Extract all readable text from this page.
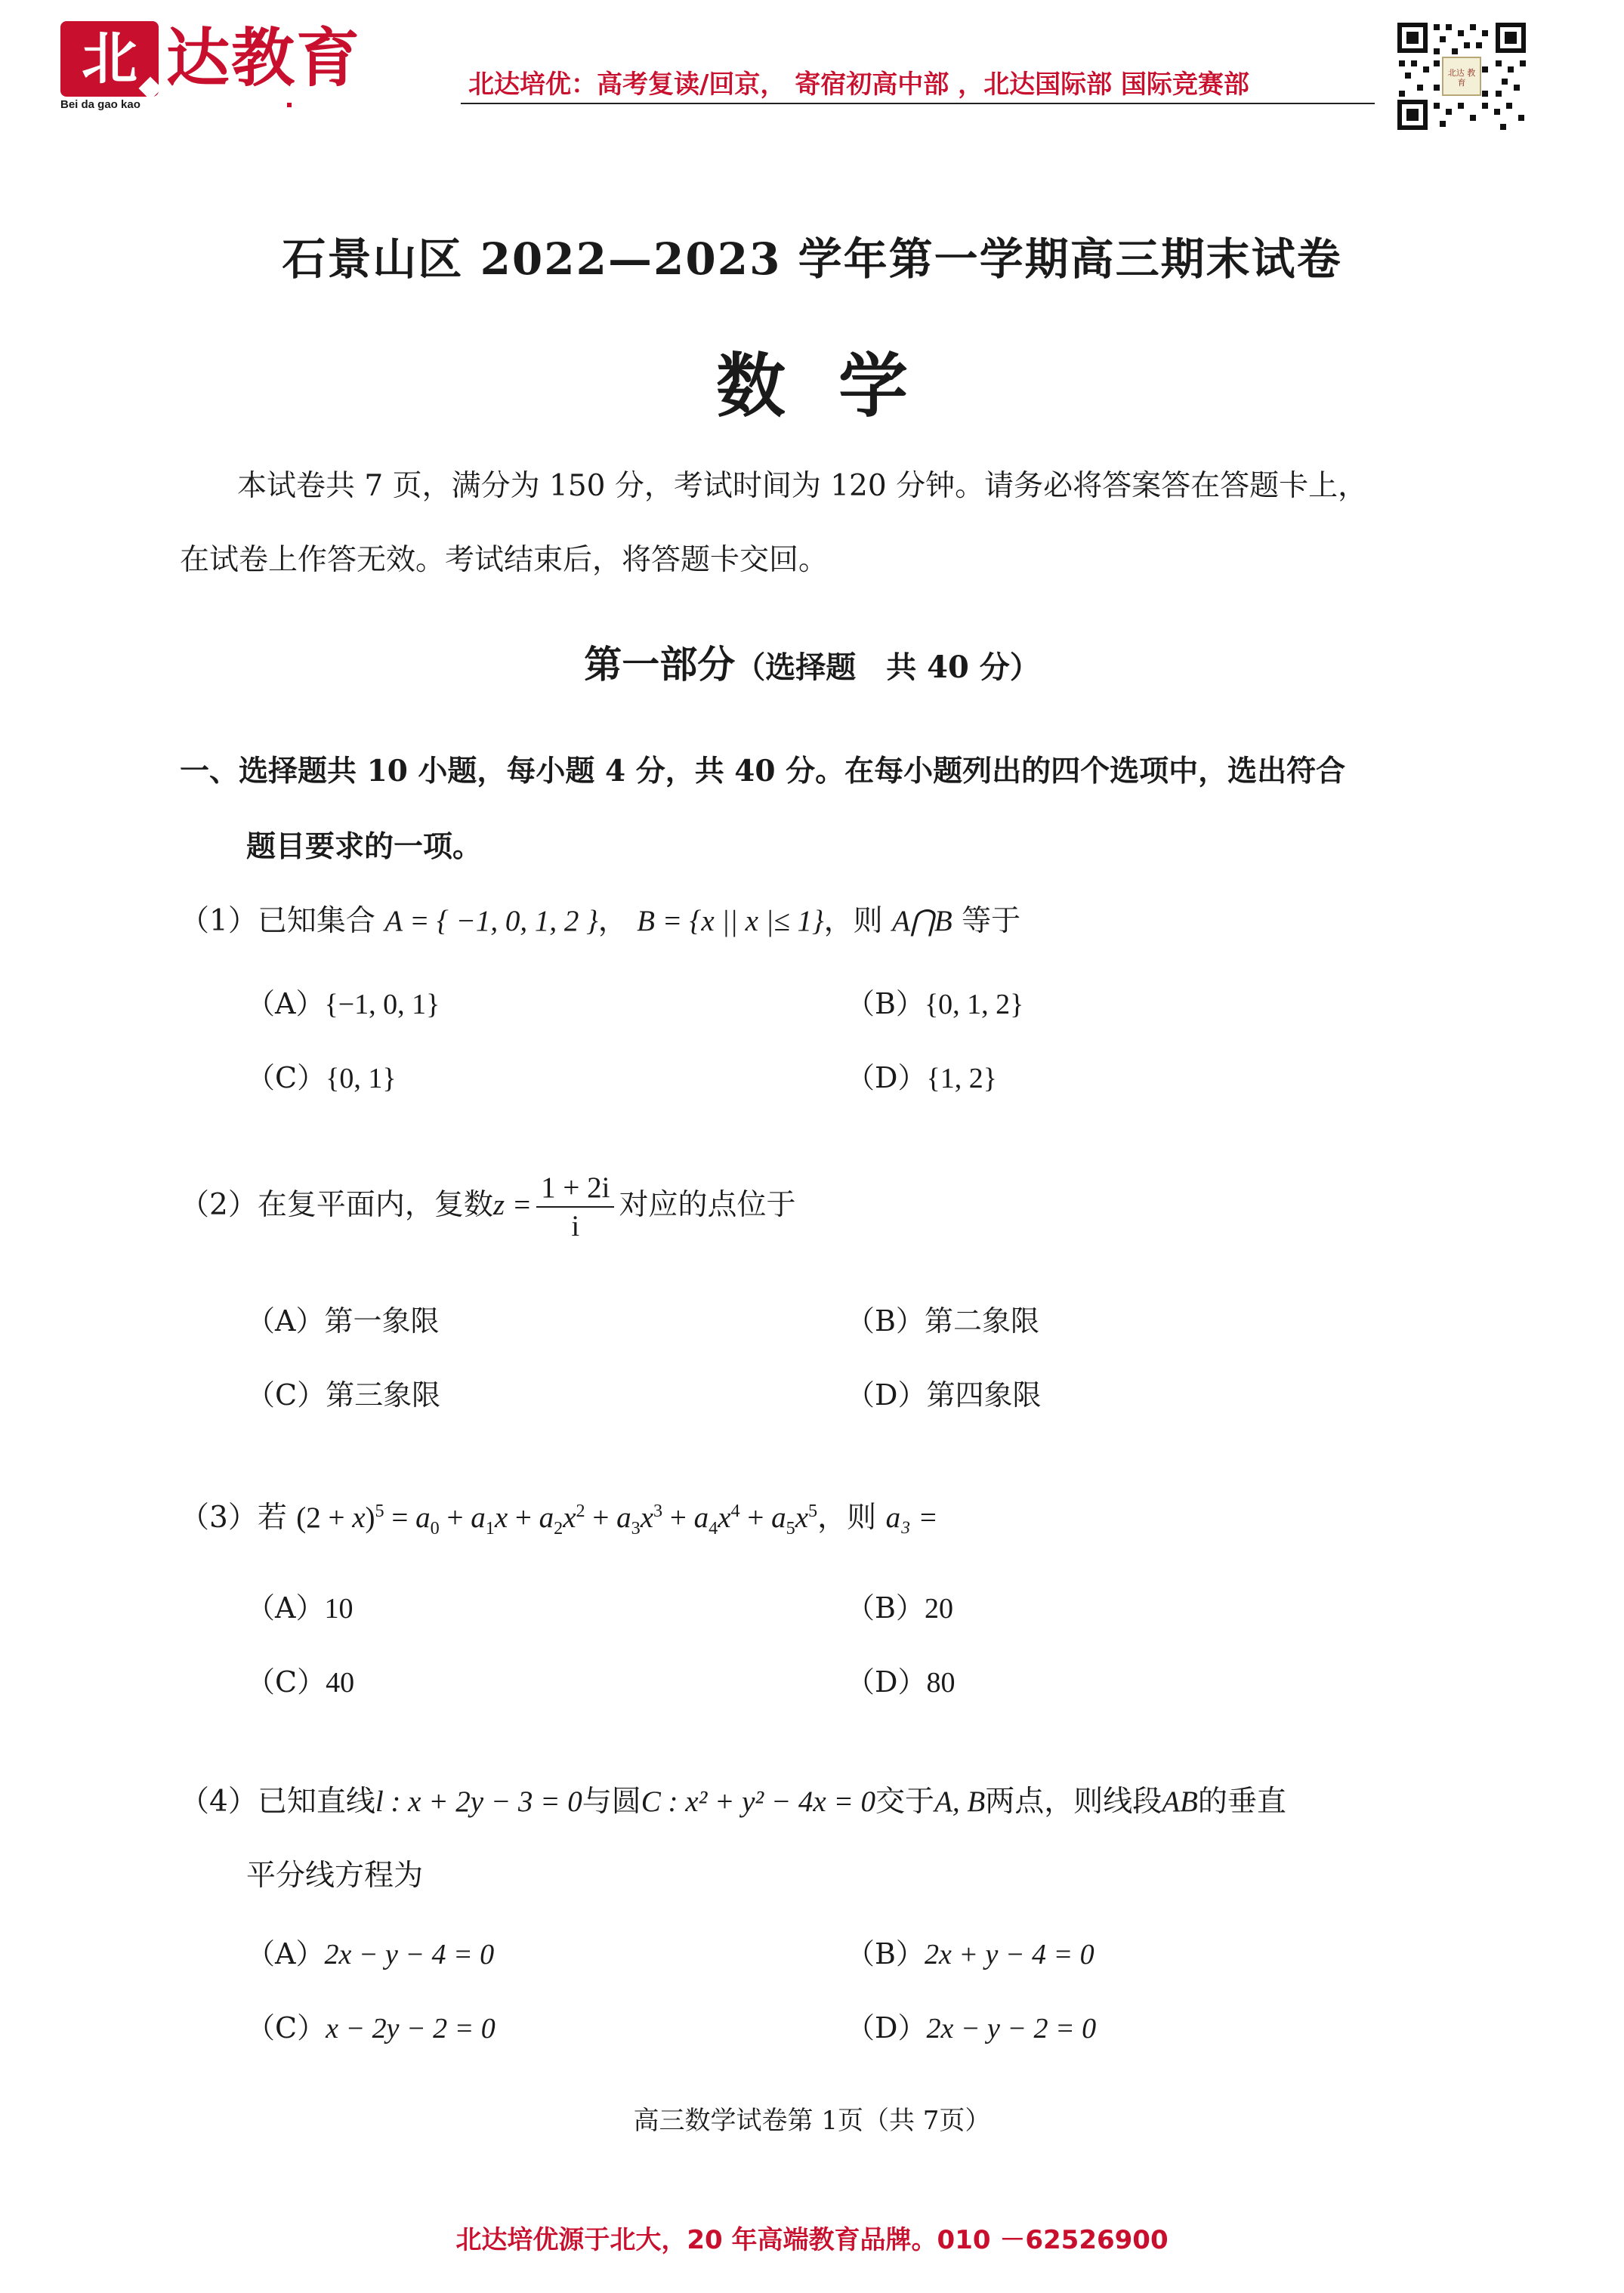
北 达教育
Bei da gao kao
北达培优：高考复读/回京， 寄宿初高中部 ，北达国际部 国际竞赛部	北达 教育
石景山区 2022—2023 学年第一学期高三期末试卷
数学
本试卷共 7 页，满分为 150 分，考试时间为 120 分钟。请务必将答案答在答题卡上，
在试卷上作答无效。考试结束后，将答题卡交回。
第一部分（选择题　共 40 分）
一、选择题共 10 小题，每小题 4 分，共 40 分。在每小题列出的四个选项中，选出符合
题目要求的一项。
（1）已知集合 A = { −1, 0, 1, 2 }， B = {x || x |≤ 1}，则 A⋂B 等于
（A）{−1, 0, 1}	（B）{0, 1, 2}
（C）{0, 1}	（D）{1, 2}
（2）在复平面内，复数$z = \frac{1 + 2i}{i}$ 对应的点位于
（A）第一象限	（B）第二象限
（C）第三象限	（D）第四象限
（3）若 $(2 + x)^5 = a_0 + a_1x + a_2x^2 + a_3x^3 + a_4x^4 + a_5x^5$，则 a₃ =
（A）10	（B）20
（C）40	（D）80
（4）已知直线l : x + 2y − 3 = 0与圆C : x² + y² − 4x = 0交于A, B两点，则线段AB的垂直
平分线方程为
（A）2x − y − 4 = 0	（B）2x + y − 4 = 0
（C）x − 2y − 2 = 0	（D）2x − y − 2 = 0
高三数学试卷第 1页（共 7页）
北达培优源于北大，20 年高端教育品牌。010 －62526900
